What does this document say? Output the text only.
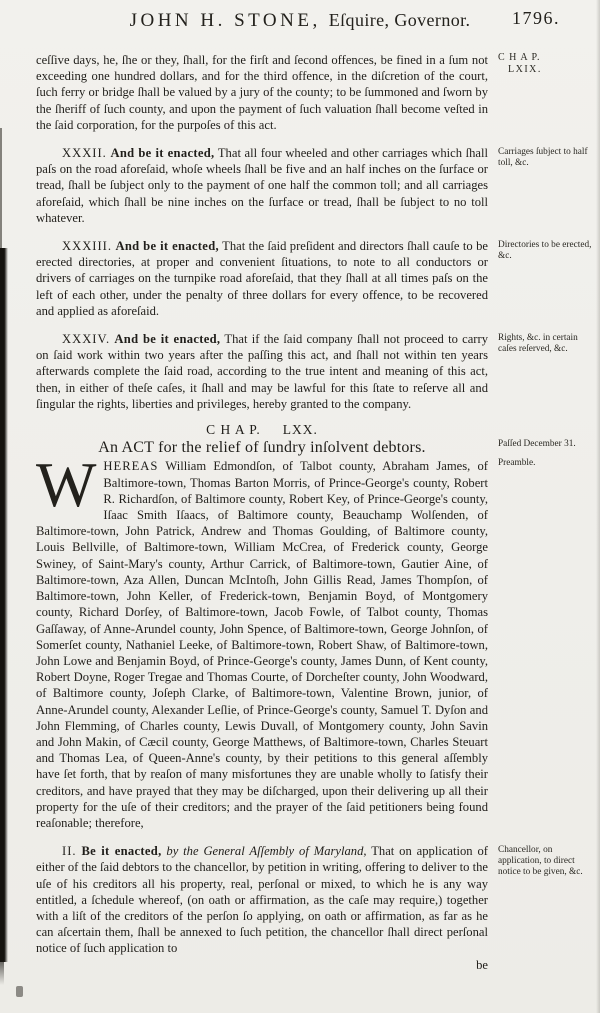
JOHN H. STONE, Eſquire, Governor. 1796.

ceſſive days, he, ſhe or they, ſhall, for the firſt and ſecond offences, be fined in a ſum not exceeding one hundred dollars, and for the third offence, in the diſcretion of the court, ſuch ferry or bridge ſhall be valued by a jury of the county; to be ſummoned and ſworn by the ſheriff of ſuch county, and upon the payment of ſuch valuation ſhall become veſted in the ſaid corporation, for the purpoſes of this act.

C H A P.
LXIX.

XXXII. And be it enacted, That all four wheeled and other carriages which ſhall paſs on the road aforeſaid, whoſe wheels ſhall be five and an half inches on the ſurface or tread, ſhall be ſubject only to the payment of one half the common toll; and all carriages aforeſaid, which ſhall be nine inches on the ſurface or tread, ſhall be ſubject to no toll whatever.

Carriages ſubject to half toll, &c.

XXXIII. And be it enacted, That the ſaid preſident and directors ſhall cauſe to be erected directories, at proper and convenient ſituations, to note to all conductors or drivers of carriages on the turnpike road aforeſaid, that they ſhall at all times paſs on the left of each other, under the penalty of three dollars for every offence, to be recovered and applied as aforeſaid.

Directories to be erected, &c.

XXXIV. And be it enacted, That if the ſaid company ſhall not proceed to carry on ſaid work within two years after the paſſing this act, and ſhall not within ten years afterwards complete the ſaid road, according to the true intent and meaning of this act, then, in either of theſe caſes, it ſhall and may be lawful for this ſtate to reſerve all and ſingular the rights, liberties and privileges, hereby granted to the company.

Rights, &c. in certain caſes reſerved, &c.
C H A P. LXX.
An ACT for the relief of ſundry inſolvent debtors.	Paſſed December 31.

WHEREAS William Edmondſon, of Talbot county, Abraham James, of Baltimore-town, Thomas Barton Morris, of Prince-George's county, Robert R. Richardſon, of Baltimore county, Robert Key, of Prince-George's county, Iſaac Smith Iſaacs, of Baltimore county, Beauchamp Wolſenden, of Baltimore-town, John Patrick, Andrew and Thomas Goulding, of Baltimore county, Louis Bellville, of Baltimore-town, William McCrea, of Frederick county, George Swiney, of Saint-Mary's county, Arthur Carrick, of Baltimore-town, Gautier Aine, of Baltimore-town, Aza Allen, Duncan McIntoſh, John Gillis Read, James Thompſon, of Baltimore-town, John Keller, of Frederick-town, Benjamin Boyd, of Montgomery county, Richard Dorſey, of Baltimore-town, Jacob Fowle, of Talbot county, Thomas Gaſſaway, of Anne-Arundel county, John Spence, of Baltimore-town, George Johnſon, of Somerſet county, Nathaniel Leeke, of Baltimore-town, Robert Shaw, of Baltimore-town, John Lowe and Benjamin Boyd, of Prince-George's county, James Dunn, of Kent county, Robert Doyne, Roger Tregae and Thomas Courte, of Dorcheſter county, John Woodward, of Baltimore county, Joſeph Clarke, of Baltimore-town, Valentine Brown, junior, of Anne-Arundel county, Alexander Leſlie, of Prince-George's county, Samuel T. Dyſon and John Flemming, of Charles county, Lewis Duvall, of Montgomery county, John Savin and John Makin, of Cæcil county, George Matthews, of Baltimore-town, Charles Steuart and Thomas Lea, of Queen-Anne's county, by their petitions to this general aſſembly have ſet forth, that by reaſon of many misfortunes they are unable wholly to ſatisfy their creditors, and have prayed that they may be diſcharged, upon their delivering up all their property for the uſe of their creditors; and the prayer of the ſaid petitioners being found reaſonable; therefore,

Preamble.

II. Be it enacted, by the General Aſſembly of Maryland, That on application of either of the ſaid debtors to the chancellor, by petition in writing, offering to deliver to the uſe of his creditors all his property, real, perſonal or mixed, to which he is any way entitled, a ſchedule whereof, (on oath or affirmation, as the caſe may require,) together with a liſt of the creditors of the perſon ſo applying, on oath or affirmation, as far as he can aſcertain them, ſhall be annexed to ſuch petition, the chancellor ſhall direct perſonal notice of ſuch application to

Chancellor, on application, to direct notice to be given, &c.
be
